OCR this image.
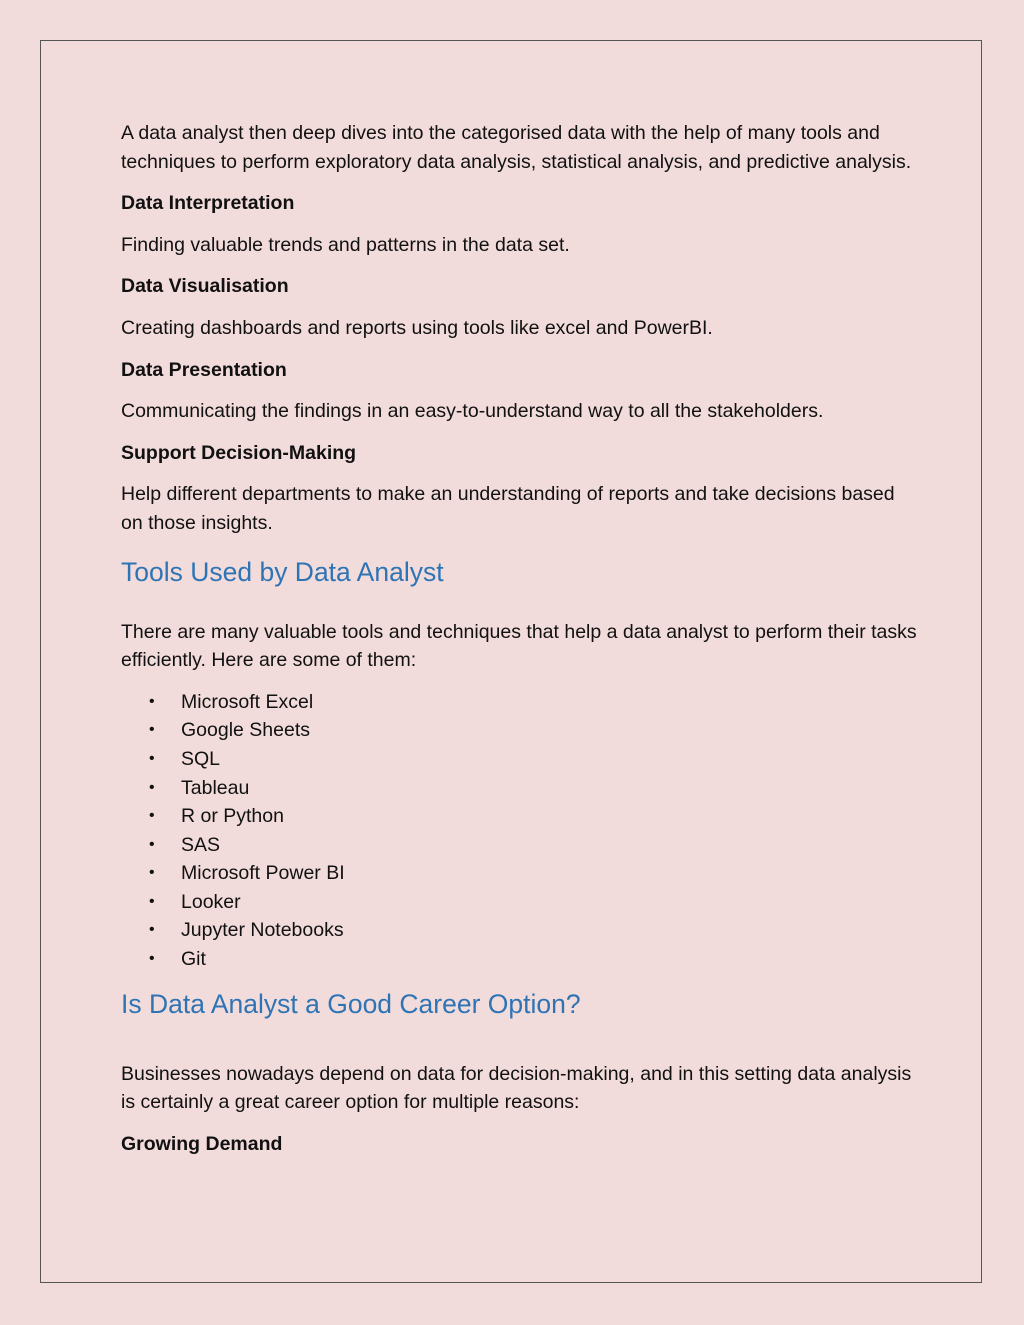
A data analyst then deep dives into the categorised data with the help of many tools and techniques to perform exploratory data analysis, statistical analysis, and predictive analysis.

Data Interpretation

Finding valuable trends and patterns in the data set.

Data Visualisation

Creating dashboards and reports using tools like excel and PowerBI.

Data Presentation

Communicating the findings in an easy-to-understand way to all the stakeholders.

Support Decision-Making

Help different departments to make an understanding of reports and take decisions based on those insights.

Tools Used by Data Analyst

There are many valuable tools and techniques that help a data analyst to perform their tasks efficiently. Here are some of them:

• Microsoft Excel
• Google Sheets
• SQL
• Tableau
• R or Python
• SAS
• Microsoft Power BI
• Looker
• Jupyter Notebooks
• Git
Is Data Analyst a Good Career Option?

Businesses nowadays depend on data for decision-making, and in this setting data analysis is certainly a great career option for multiple reasons:

Growing Demand
